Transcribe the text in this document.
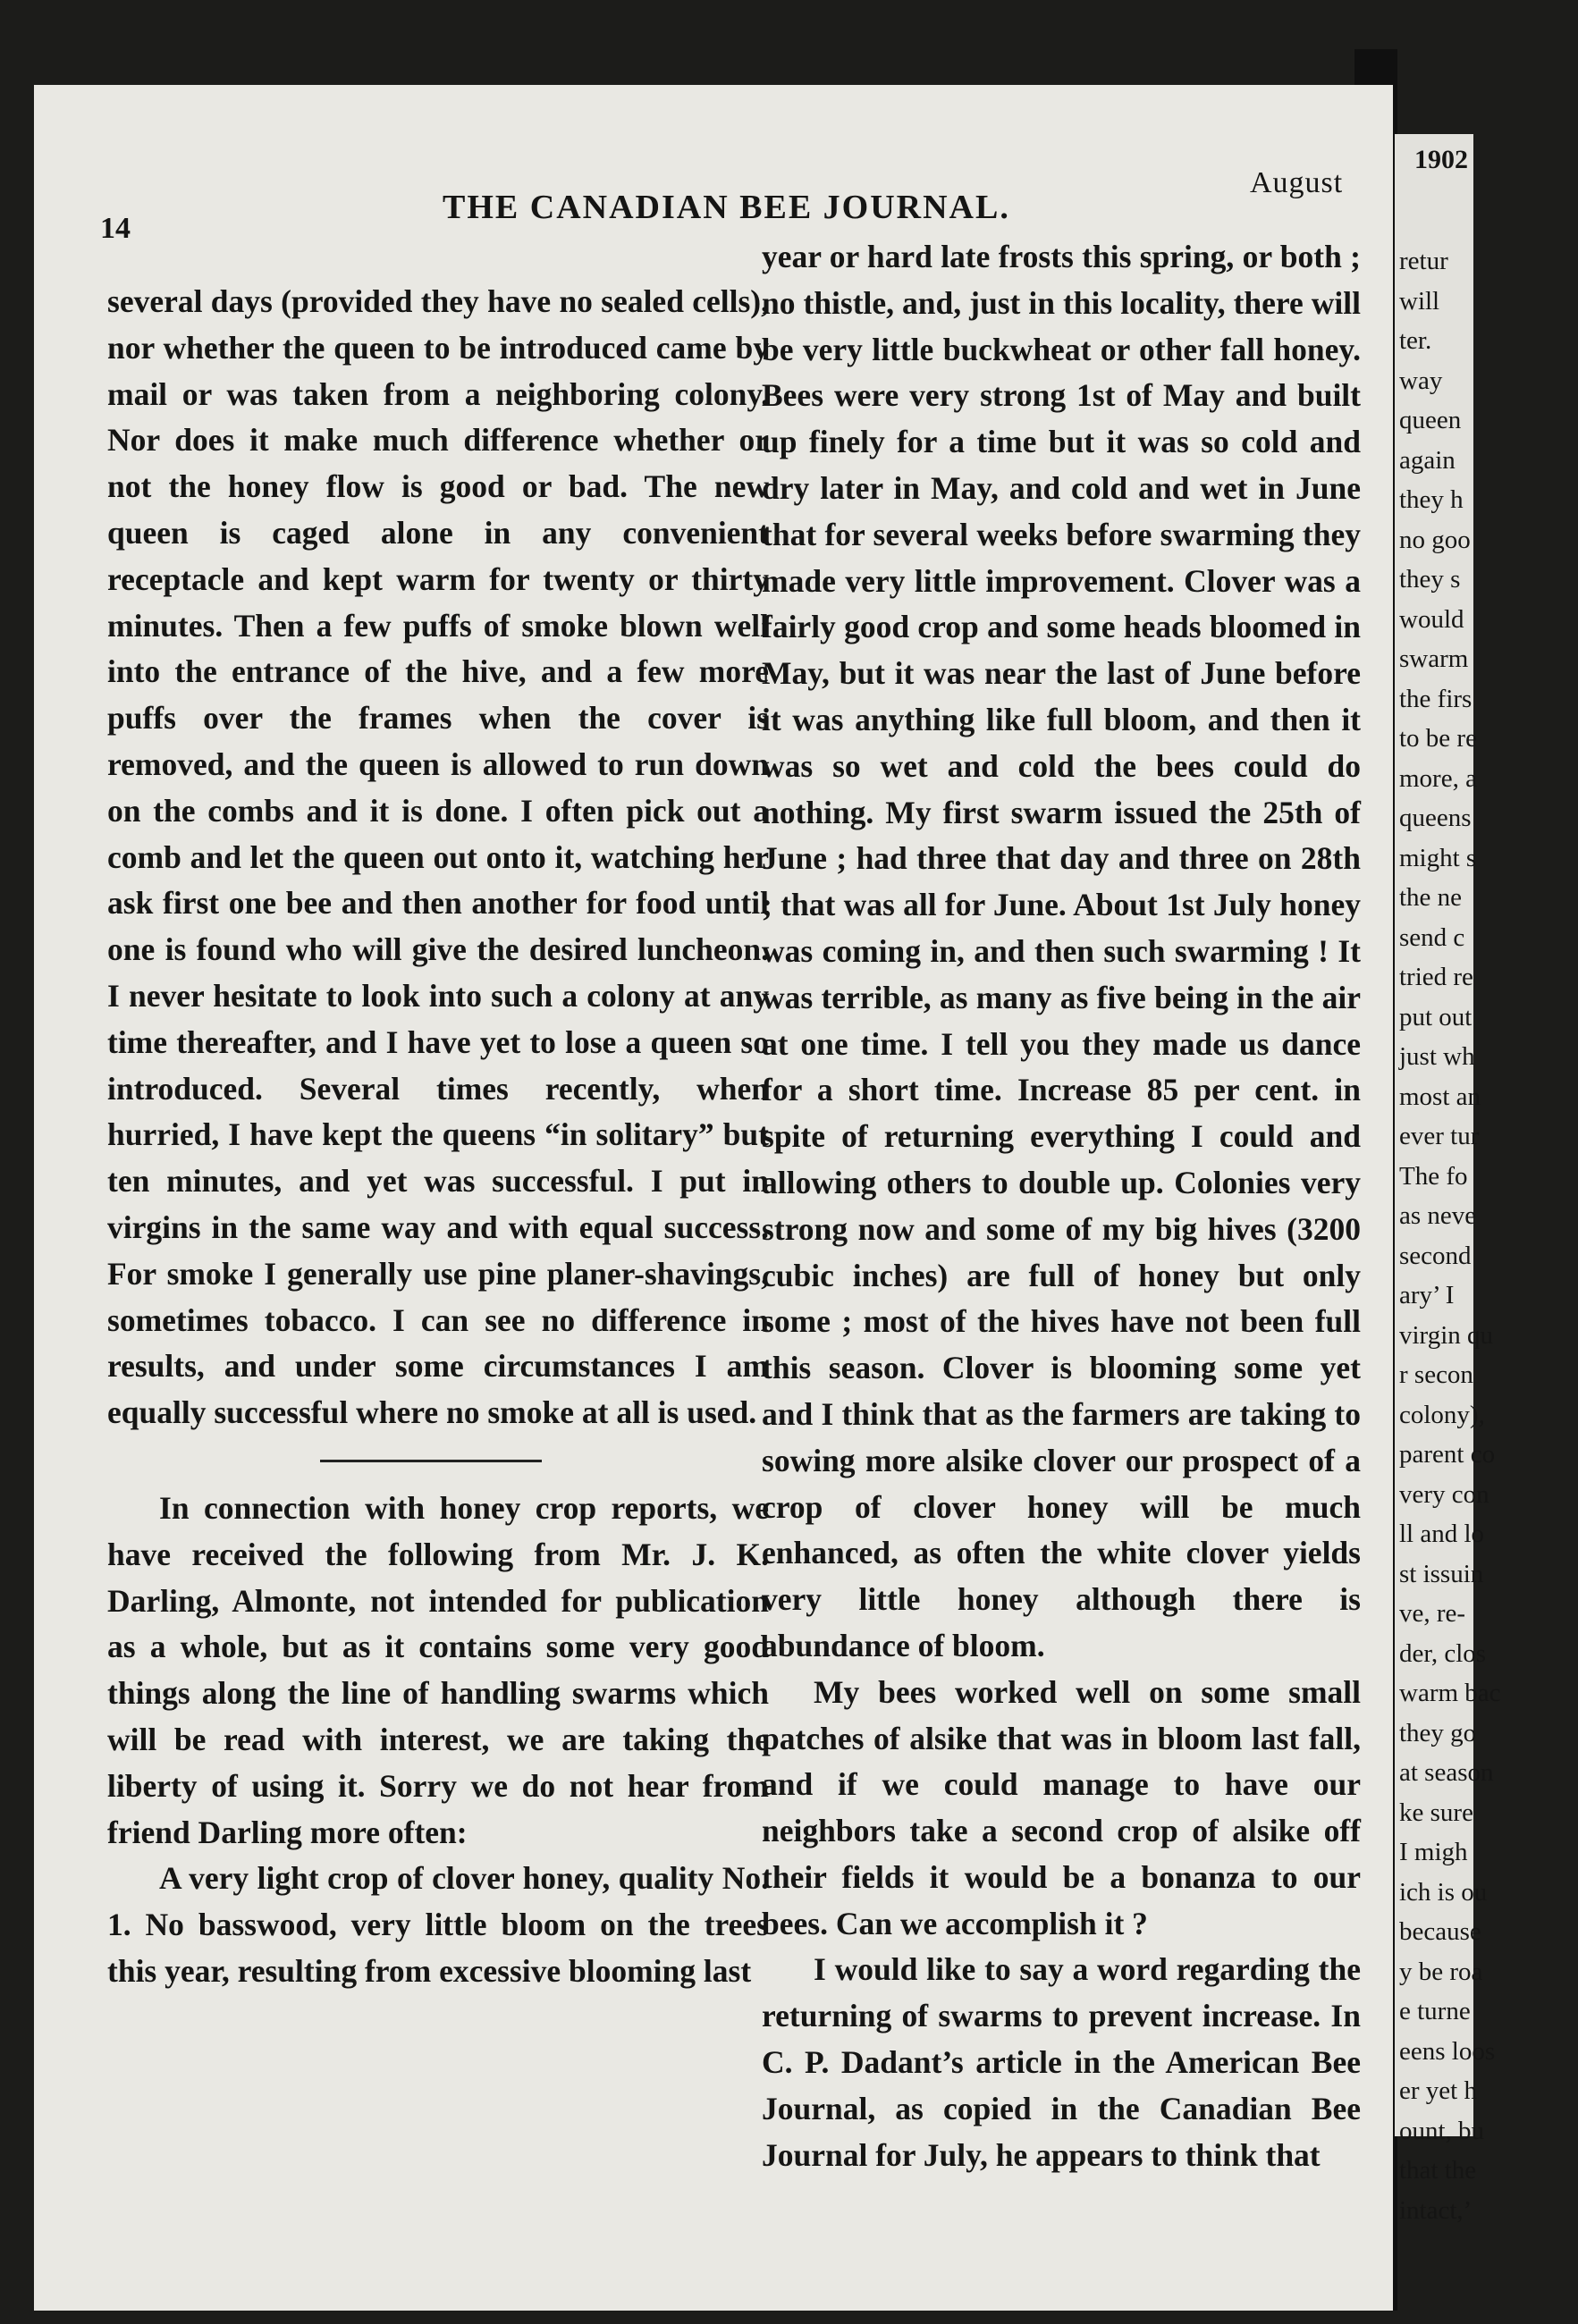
14
THE CANADIAN BEE JOURNAL.
August

several days (provided they have no sealed cells), nor whether the queen to be introduced came by mail or was taken from a neighboring colony. Nor does it make much difference whether or not the honey flow is good or bad. The new queen is caged alone in any convenient receptacle and kept warm for twenty or thirty minutes. Then a few puffs of smoke blown well into the entrance of the hive, and a few more puffs over the frames when the cover is removed, and the queen is allowed to run down on the combs and it is done. I often pick out a comb and let the queen out onto it, watching her ask first one bee and then another for food until one is found who will give the desired luncheon. I never hesitate to look into such a colony at any time thereafter, and I have yet to lose a queen so introduced. Several times recently, when hurried, I have kept the queens “in solitary” but ten minutes, and yet was successful. I put in virgins in the same way and with equal success. For smoke I generally use pine planer-shavings, sometimes tobacco. I can see no difference in results, and under some circumstances I am equally successful where no smoke at all is used.

In connection with honey crop reports, we have received the following from Mr. J. K. Darling, Almonte, not intended for publication as a whole, but as it contains some very good things along the line of handling swarms which will be read with interest, we are taking the liberty of using it. Sorry we do not hear from friend Darling more often:

A very light crop of clover honey, quality No. 1. No basswood, very little bloom on the trees this year, resulting from excessive blooming last

year or hard late frosts this spring, or both ; no thistle, and, just in this locality, there will be very little buckwheat or other fall honey. Bees were very strong 1st of May and built up finely for a time but it was so cold and dry later in May, and cold and wet in June that for several weeks before swarming they made very little improvement. Clover was a fairly good crop and some heads bloomed in May, but it was near the last of June before it was anything like full bloom, and then it was so wet and cold the bees could do nothing. My first swarm issued the 25th of June ; had three that day and three on 28th ; that was all for June. About 1st July honey was coming in, and then such swarming ! It was terrible, as many as five being in the air at one time. I tell you they made us dance for a short time. Increase 85 per cent. in spite of returning everything I could and allowing others to double up. Colonies very strong now and some of my big hives (3200 cubic inches) are full of honey but only some ; most of the hives have not been full this season. Clover is blooming some yet and I think that as the farmers are taking to sowing more alsike clover our prospect of a crop of clover honey will be much enhanced, as often the white clover yields very little honey although there is abundance of bloom.

My bees worked well on some small patches of alsike that was in bloom last fall, and if we could manage to have our neighbors take a second crop of alsike off their fields it would be a bonanza to our bees. Can we accomplish it ?

I would like to say a word regarding the returning of swarms to prevent increase. In C. P. Dadant’s article in the American Bee Journal, as copied in the Canadian Bee Journal for July, he appears to think that

1902
retur
will
ter.
way
queen
again
they h
no goo
they s
would
swarm
the firs
to be re
more, a
queens
might s
the ne
send c
tried re
put out
just wh
most an
ever tur
The fo
as neve
second
ary’ I
virgin qu
r secon
colony),
parent co
very con
ll and lo
st issuin
ve, re-
der, clos
warm bac
they go
at season
ke sure
I migh
ich is ou
because
y be roa
e turne
eens loos
er yet h
ount, bu
that the
intact,’
